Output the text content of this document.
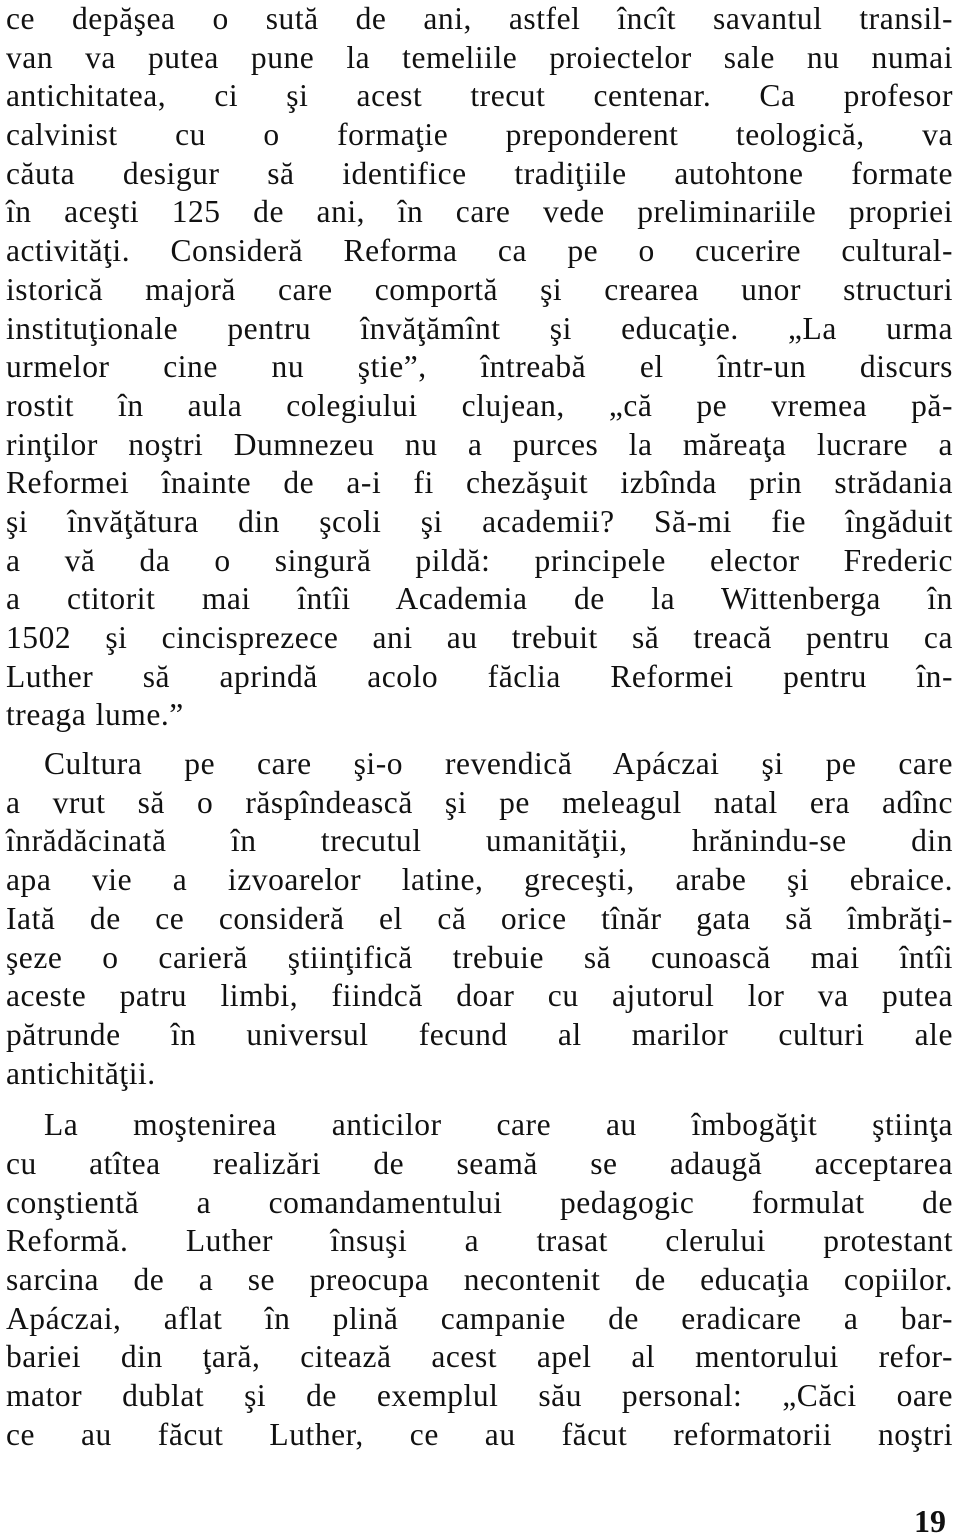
ce depăşea o sută de ani, astfel încît savantul transil-
van va putea pune la temeliile proiectelor sale nu numai
antichitatea, ci şi acest trecut centenar. Ca profesor
calvinist cu o formaţie preponderent teologică, va
căuta desigur să identifice tradiţiile autohtone formate
în aceşti 125 de ani, în care vede preliminariile propriei
activităţi. Consideră Reforma ca pe o cucerire cultural-
istorică majoră care comportă şi crearea unor structuri
instituţionale pentru învăţămînt şi educaţie. „La urma
urmelor cine nu ştie”, întreabă el într-un discurs
rostit în aula colegiului clujean, „că pe vremea pă-
rinţilor noştri Dumnezeu nu a purces la măreaţa lucrare a
Reformei înainte de a-i fi chezăşuit izbînda prin strădania
şi învăţătura din şcoli şi academii? Să-mi fie îngăduit
a vă da o singură pildă: principele elector Frederic
a ctitorit mai întîi Academia de la Wittenberga în
1502 şi cincisprezece ani au trebuit să treacă pentru ca
Luther să aprindă acolo făclia Reformei pentru în-
treaga lume.”
Cultura pe care şi-o revendică Apáczai şi pe care
a vrut să o răspîndească şi pe meleagul natal era adînc
înrădăcinată în trecutul umanităţii, hrănindu-se din
apa vie a izvoarelor latine, greceşti, arabe şi ebraice.
Iată de ce consideră el că orice tînăr gata să îmbrăţi-
şeze o carieră ştiinţifică trebuie să cunoască mai întîi
aceste patru limbi, fiindcă doar cu ajutorul lor va putea
pătrunde în universul fecund al marilor culturi ale
antichităţii.
La moştenirea anticilor care au îmbogăţit ştiinţa
cu atîtea realizări de seamă se adaugă acceptarea
conştientă a comandamentului pedagogic formulat de
Reformă. Luther însuşi a trasat clerului protestant
sarcina de a se preocupa necontenit de educaţia copiilor.
Apáczai, aflat în plină campanie de eradicare a bar-
bariei din ţară, citează acest apel al mentorului refor-
mator dublat şi de exemplul său personal: „Căci oare
ce au făcut Luther, ce au făcut reformatorii noştri
19
